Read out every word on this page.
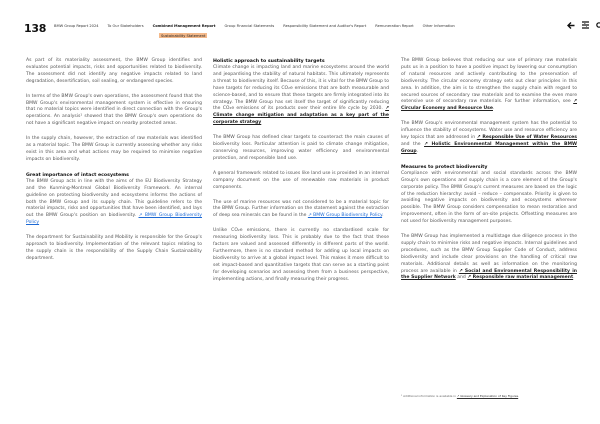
138 BMW Group Report 2024	To Our Stakeholders	Combined Management Report	Group Financial Statements	Responsibility Statement and Auditor's Report	Remuneration Report	Other Information
Sustainability Statement

As part of its materiality assessment, the BMW Group identifies and evaluates potential impacts, risks and opportunities related to biodiversity. The assessment did not identify any negative impacts related to land degradation, desertification, soil sealing, or endangered species.

In terms of the BMW Group's own operations, the assessment found that the BMW Group's environmental management system is effective in ensuring that no material topics were identified in direct connection with the Group's operations. An analysis¹ showed that the BMW Group's own operations do not have a significant negative impact on nearby protected areas.

In the supply chain, however, the extraction of raw materials was identified as a material topic. The BMW Group is currently assessing whether any risks exist in this area and what actions may be required to minimise negative impacts on biodiversity.

Great importance of intact ecosystems

The BMW Group acts in line with the aims of the EU Biodiversity Strategy and the Kunming-Montreal Global Biodiversity Framework. An internal guideline on protecting biodiversity and ecosystems informs the actions of both the BMW Group and its supply chain. This guideline refers to the material impacts, risks and opportunities that have been identified, and lays out the BMW Group's position on biodiversity. ↗ BMW Group Biodiversity Policy

The department for Sustainability and Mobility is responsible for the Group's approach to biodiversity. Implementation of the relevant topics relating to the supply chain is the responsibility of the Supply Chain Sustainability department.

Holistic approach to sustainability targets

Climate change is impacting land and marine ecosystems around the world and jeopardising the stability of natural habitats. This ultimately represents a threat to biodiversity itself. Because of this, it is vital for the BMW Group to have targets for reducing its CO₂e emissions that are both measurable and science-based, and to ensure that these targets are firmly integrated into its strategy. The BMW Group has set itself the target of significantly reducing the CO₂e emissions of its products over their entire life cycle by 2030. ↗ Climate change mitigation and adaptation as a key part of the corporate strategy

The BMW Group has defined clear targets to counteract the main causes of biodiversity loss. Particular attention is paid to climate change mitigation, conserving resources, improving water efficiency and environmental protection, and responsible land use.

A general framework related to issues like land use is provided in an internal company document on the use of renewable raw materials in product components.

The use of marine resources was not considered to be a material topic for the BMW Group. Further information on the statement against the extraction of deep sea minerals can be found in the ↗ BMW Group Biodiversity Policy.

Unlike CO₂e emissions, there is currently no standardised scale for measuring biodiversity loss. This is probably due to the fact that these factors are valued and assessed differently in different parts of the world. Furthermore, there is no standard method for adding up local impacts on biodiversity to arrive at a global impact level. This makes it more difficult to set impact-based and quantitative targets that can serve as a starting point for developing scenarios and assessing them from a business perspective, implementing actions, and finally measuring their progress.

The BMW Group believes that reducing our use of primary raw materials puts us in a position to have a positive impact by lowering our consumption of natural resources and actively contributing to the preservation of biodiversity. The circular economy strategy sets out clear principles in this area. In addition, the aim is to strengthen the supply chain with regard to secured sources of secondary raw materials and to examine the even more extensive use of secondary raw materials. For further information, see ↗ Circular Economy and Resource Use.

The BMW Group's environmental management system has the potential to influence the stability of ecosystems. Water use and resource efficiency are key topics that are addressed in ↗ Responsible Use of Water Resources and the ↗ Holistic Environmental Management within the BMW Group.

Measures to protect biodiversity

Compliance with environmental and social standards across the BMW Group's own operations and supply chain is a core element of the Group's corporate policy. The BMW Group's current measures are based on the logic of the reduction hierarchy: avoid – reduce – compensate. Priority is given to avoiding negative impacts on biodiversity and ecosystems wherever possible. The BMW Group considers compensation to mean restoration and improvement, often in the form of on-site projects. Offsetting measures are not used for biodiversity management purposes.

The BMW Group has implemented a multistage due diligence process in the supply chain to minimise risks and negative impacts. Internal guidelines and procedures, such as the BMW Group Supplier Code of Conduct, address biodiversity and include clear provisions on the handling of critical raw materials. Additional details as well as information on the monitoring process are available in ↗ Social and Environmental Responsibility in the Supplier Network and ↗ Responsible raw material management.

¹ Additional information is available in ↗ Glossary and Explanation of Key Figures.
